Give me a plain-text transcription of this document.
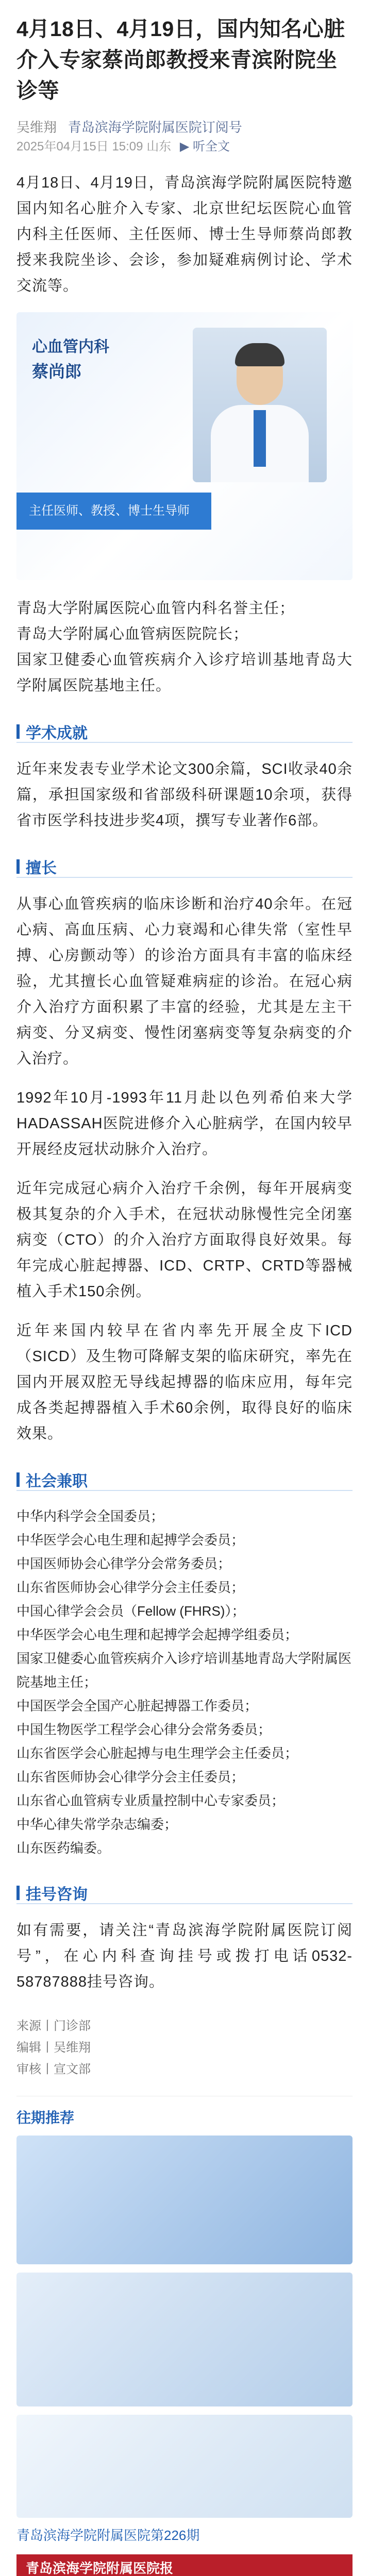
4月18日、4月19日，国内知名心脏介入专家蔡尚郎教授来青滨附院坐诊等
吴维翔 青岛滨海学院附属医院订阅号
2025年04月15日 15:09 山东 ▶ 听全文

4月18日、4月19日，青岛滨海学院附属医院特邀国内知名心脏介入专家、北京世纪坛医院心血管内科主任医师、主任医师、博士生导师蔡尚郎教授来我院坐诊、会诊，参加疑难病例讨论、学术交流等。

心血管内科
蔡尚郎
主任医师、教授、博士生导师

青岛大学附属医院心血管内科名誉主任；

青岛大学附属心血管病医院院长；

国家卫健委心血管疾病介入诊疗培训基地青岛大学附属医院基地主任。

学术成就

近年来发表专业学术论文300余篇，SCI收录40余篇，承担国家级和省部级科研课题10余项，获得省市医学科技进步奖4项，撰写专业著作6部。

擅长

从事心血管疾病的临床诊断和治疗40余年。在冠心病、高血压病、心力衰竭和心律失常（室性早搏、心房颤动等）的诊治方面具有丰富的临床经验，尤其擅长心血管疑难病症的诊治。在冠心病介入治疗方面积累了丰富的经验，尤其是左主干病变、分叉病变、慢性闭塞病变等复杂病变的介入治疗。

1992年10月-1993年11月赴以色列希伯来大学HADASSAH医院进修介入心脏病学，在国内较早开展经皮冠状动脉介入治疗。

近年完成冠心病介入治疗千余例，每年开展病变极其复杂的介入手术，在冠状动脉慢性完全闭塞病变（CTO）的介入治疗方面取得良好效果。每年完成心脏起搏器、ICD、CRTP、CRTD等器械植入手术150余例。

近年来国内较早在省内率先开展全皮下ICD（SICD）及生物可降解支架的临床研究，率先在国内开展双腔无导线起搏器的临床应用，每年完成各类起搏器植入手术60余例，取得良好的临床效果。

社会兼职

中华内科学会全国委员；

中华医学会心电生理和起搏学会委员；

中国医师协会心律学分会常务委员；

山东省医师协会心律学分会主任委员；

中国心律学会会员（Fellow (FHRS)）；

中华医学会心电生理和起搏学会起搏学组委员；

国家卫健委心血管疾病介入诊疗培训基地青岛大学附属医院基地主任；

中国医学会全国产心脏起搏器工作委员；

中国生物医学工程学会心律分会常务委员；

山东省医学会心脏起搏与电生理学会主任委员；

山东省医师协会心律学分会主任委员；

山东省心血管病专业质量控制中心专家委员；

中华心律失常学杂志编委；

山东医药编委。

挂号咨询

如有需要，请关注“青岛滨海学院附属医院订阅号”，在心内科查询挂号或拨打电话0532-58787888挂号咨询。

来源丨门诊部
编辑丨吴维翔
审核丨宣文部
往期推荐
青岛滨海学院附属医院第226期
青岛滨海学院附属医院报
